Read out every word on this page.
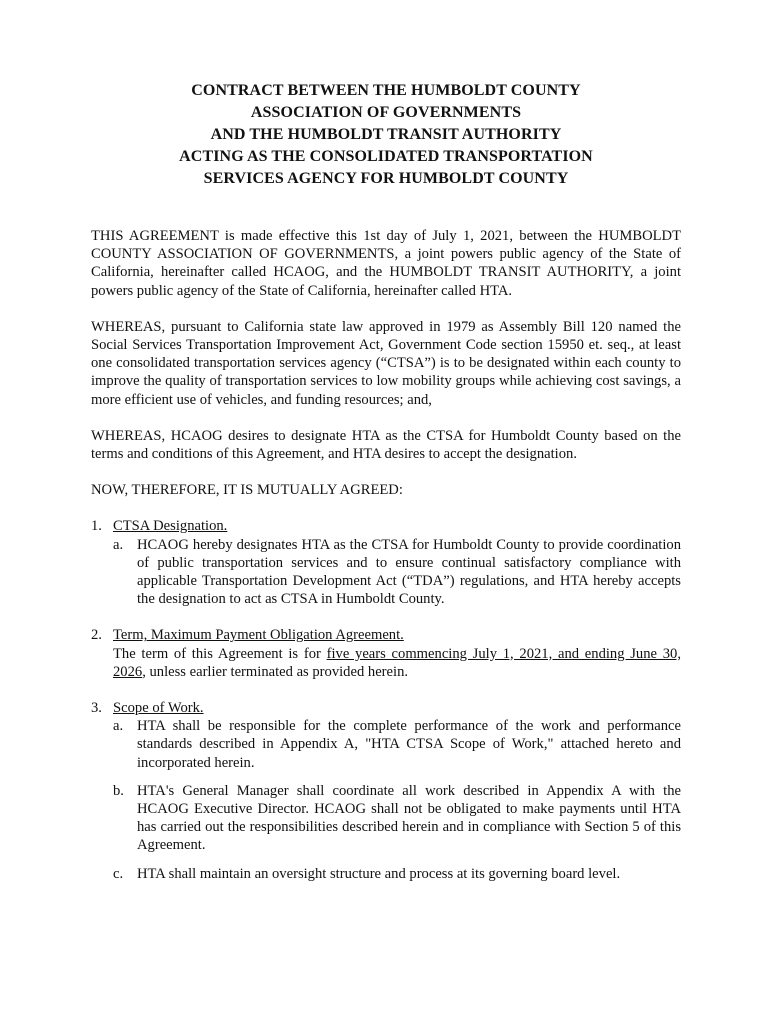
CONTRACT BETWEEN THE HUMBOLDT COUNTY
ASSOCIATION OF GOVERNMENTS
AND THE HUMBOLDT TRANSIT AUTHORITY
ACTING AS THE CONSOLIDATED TRANSPORTATION
SERVICES AGENCY FOR HUMBOLDT COUNTY

THIS AGREEMENT is made effective this 1st day of July 1, 2021, between the HUMBOLDT COUNTY ASSOCIATION OF GOVERNMENTS, a joint powers public agency of the State of California, hereinafter called HCAOG, and the HUMBOLDT TRANSIT AUTHORITY, a joint powers public agency of the State of California, hereinafter called HTA.

WHEREAS, pursuant to California state law approved in 1979 as Assembly Bill 120 named the Social Services Transportation Improvement Act, Government Code section 15950 et. seq., at least one consolidated transportation services agency (“CTSA”) is to be designated within each county to improve the quality of transportation services to low mobility groups while achieving cost savings, a more efficient use of vehicles, and funding resources; and,

WHEREAS, HCAOG desires to designate HTA as the CTSA for Humboldt County based on the terms and conditions of this Agreement, and HTA desires to accept the designation.

NOW, THEREFORE, IT IS MUTUALLY AGREED:

1. CTSA Designation.
a. HCAOG hereby designates HTA as the CTSA for Humboldt County to provide coordination of public transportation services and to ensure continual satisfactory compliance with applicable Transportation Development Act (“TDA”) regulations, and HTA hereby accepts the designation to act as CTSA in Humboldt County.
2. Term, Maximum Payment Obligation Agreement.
The term of this Agreement is for five years commencing July 1, 2021, and ending June 30, 2026, unless earlier terminated as provided herein.
3. Scope of Work.
a. HTA shall be responsible for the complete performance of the work and performance standards described in Appendix A, "HTA CTSA Scope of Work," attached hereto and incorporated herein.
b. HTA's General Manager shall coordinate all work described in Appendix A with the HCAOG Executive Director. HCAOG shall not be obligated to make payments until HTA has carried out the responsibilities described herein and in compliance with Section 5 of this Agreement.
c. HTA shall maintain an oversight structure and process at its governing board level.
